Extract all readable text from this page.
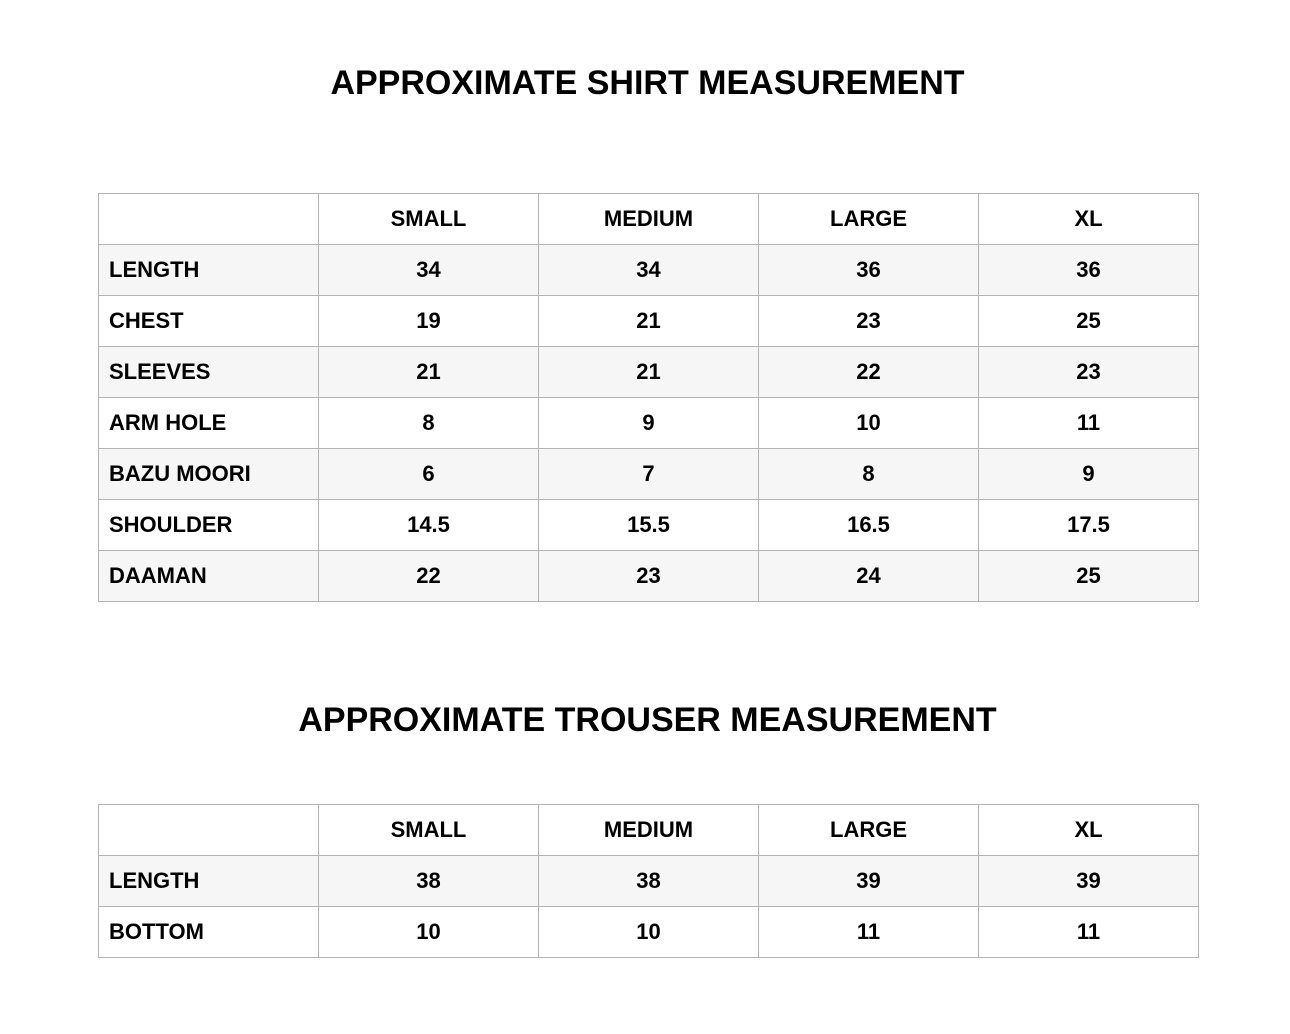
APPROXIMATE SHIRT MEASUREMENT
	SMALL	MEDIUM	LARGE	XL
LENGTH	34	34	36	36
CHEST	19	21	23	25
SLEEVES	21	21	22	23
ARM HOLE	8	9	10	11
BAZU MOORI	6	7	8	9
SHOULDER	14.5	15.5	16.5	17.5
DAAMAN	22	23	24	25
APPROXIMATE TROUSER MEASUREMENT
	SMALL	MEDIUM	LARGE	XL
LENGTH	38	38	39	39
BOTTOM	10	10	11	11
